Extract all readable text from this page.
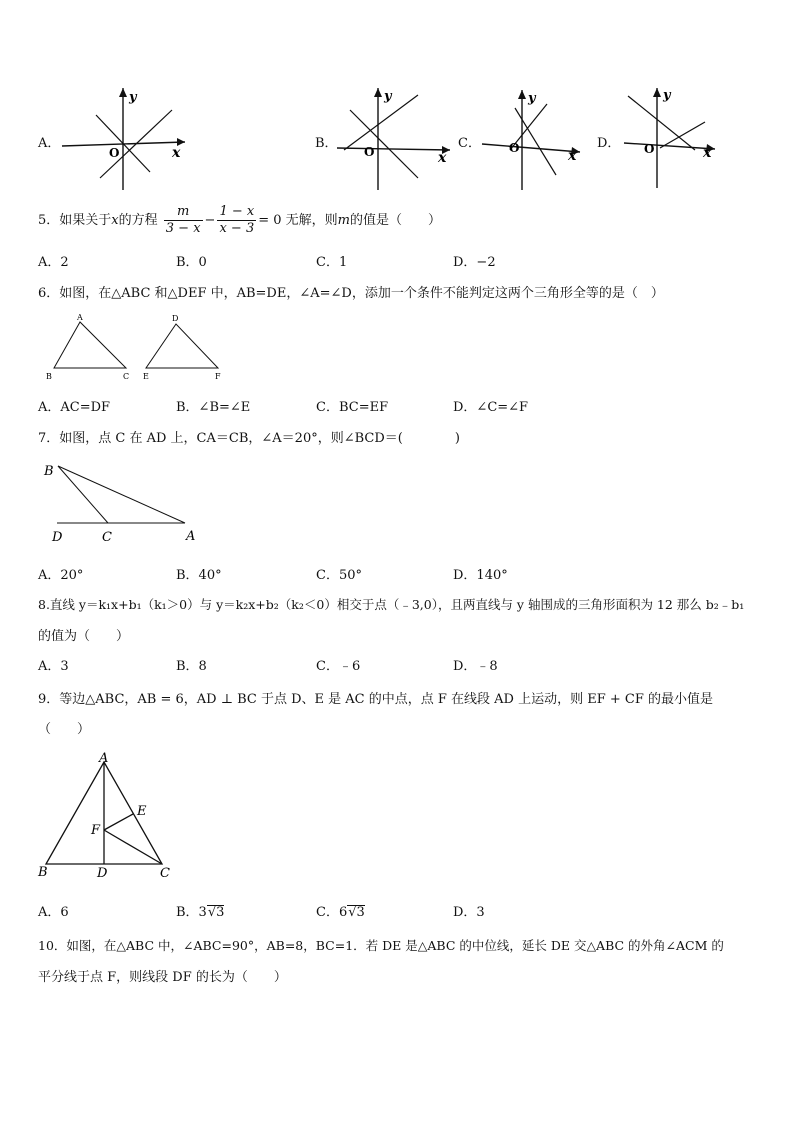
A．
y
x
O
B．
y
x
O
C．
y
x
O	D．
y
x
O
5．如果关于x的方程 $\frac{m}{3 - x} - \frac{1 - x}{x - 3} = 0$ 无解，则m的值是（　　）
A．2	B．0	C．1	D．−2
6．如图，在△ABC 和△DEF 中，AB=DE，∠A=∠D，添加一个条件不能判定这两个三角形全等的是（　）
A
B	C
D
E	F
A．AC=DF	B．∠B=∠E	C．BC=EF	D．∠C=∠F
7．如图，点 C 在 AD 上，CA＝CB，∠A＝20°，则∠BCD＝(　　　　)
B
D	C	A
A．20°	B．40°	C．50°	D．140°
8.直线 y＝k₁x+b₁（k₁＞0）与 y＝k₂x+b₂（k₂＜0）相交于点（﹣3,0），且两直线与 y 轴围成的三角形面积为 12 那么 b₂﹣b₁
的值为（　　）
A．3	B．8	C．﹣6	D．﹣8
9．等边△ABC，AB = 6，AD ⊥ BC 于点 D、E 是 AC 的中点，点 F 在线段 AD 上运动，则 EF + CF 的最小值是
（　　）
A
B	D	C
E
F
A．6	B．3√3	C．6√3	D．3
10．如图，在△ABC 中，∠ABC=90°，AB=8，BC=1．若 DE 是△ABC 的中位线，延长 DE 交△ABC 的外角∠ACM 的
平分线于点 F，则线段 DF 的长为（　　）
